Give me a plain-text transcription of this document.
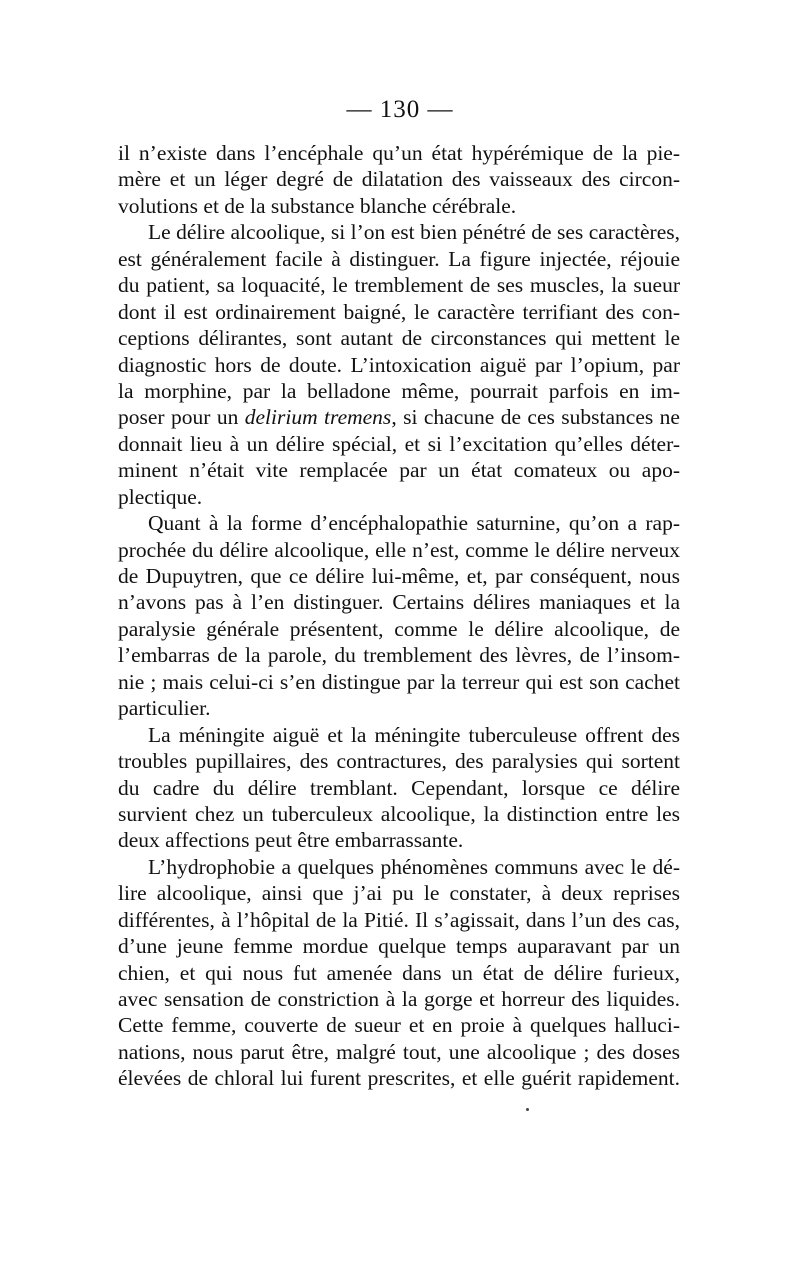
— 130 —
il n’existe dans l’encéphale qu’un état hypérémique de la pie-
mère et un léger degré de dilatation des vaisseaux des circon-
volutions et de la substance blanche cérébrale.
Le délire alcoolique, si l’on est bien pénétré de ses caractères,
est généralement facile à distinguer. La figure injectée, réjouie
du patient, sa loquacité, le tremblement de ses muscles, la sueur
dont il est ordinairement baigné, le caractère terrifiant des con-
ceptions délirantes, sont autant de circonstances qui mettent le
diagnostic hors de doute. L’intoxication aiguë par l’opium, par
la morphine, par la belladone même, pourrait parfois en im-
poser pour un delirium tremens, si chacune de ces substances ne
donnait lieu à un délire spécial, et si l’excitation qu’elles déter-
minent n’était vite remplacée par un état comateux ou apo-
plectique.
Quant à la forme d’encéphalopathie saturnine, qu’on a rap-
prochée du délire alcoolique, elle n’est, comme le délire nerveux
de Dupuytren, que ce délire lui-même, et, par conséquent, nous
n’avons pas à l’en distinguer. Certains délires maniaques et la
paralysie générale présentent, comme le délire alcoolique, de
l’embarras de la parole, du tremblement des lèvres, de l’insom-
nie ; mais celui-ci s’en distingue par la terreur qui est son cachet
particulier.
La méningite aiguë et la méningite tuberculeuse offrent des
troubles pupillaires, des contractures, des paralysies qui sortent
du cadre du délire tremblant. Cependant, lorsque ce délire
survient chez un tuberculeux alcoolique, la distinction entre les
deux affections peut être embarrassante.
L’hydrophobie a quelques phénomènes communs avec le dé-
lire alcoolique, ainsi que j’ai pu le constater, à deux reprises
différentes, à l’hôpital de la Pitié. Il s’agissait, dans l’un des cas,
d’une jeune femme mordue quelque temps auparavant par un
chien, et qui nous fut amenée dans un état de délire furieux,
avec sensation de constriction à la gorge et horreur des liquides.
Cette femme, couverte de sueur et en proie à quelques halluci-
nations, nous parut être, malgré tout, une alcoolique ; des doses
élevées de chloral lui furent prescrites, et elle guérit rapidement.
